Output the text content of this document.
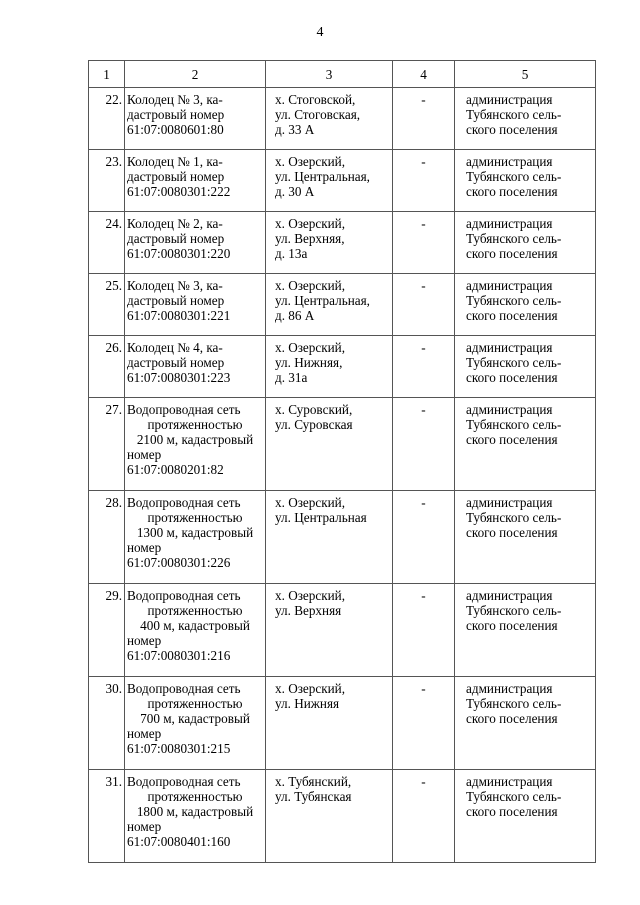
4
1	2	3	4	5
22.	Колодец № 3, ка-
дастровый номер
61:07:0080601:80	х. Стоговской,
ул. Стоговская,
д. 33 А	-	администрация
Тубянского сель-
ского поселения

23.	Колодец № 1, ка-
дастровый номер
61:07:0080301:222	х. Озерский,
ул. Центральная,
д. 30 А	-	администрация
Тубянского сель-
ского поселения

24.	Колодец № 2, ка-
дастровый номер
61:07:0080301:220	х. Озерский,
ул. Верхняя,
д. 13а	-	администрация
Тубянского сель-
ского поселения

25.	Колодец № 3, ка-
дастровый номер
61:07:0080301:221	х. Озерский,
ул. Центральная,
д. 86 А	-	администрация
Тубянского сель-
ского поселения

26.	Колодец № 4, ка-
дастровый номер
61:07:0080301:223	х. Озерский,
ул. Нижняя,
д. 31а	-	администрация
Тубянского сель-
ского поселения

27.	Водопроводная сеть
протяженностью
2100 м, кадастровый
номер
61:07:0080201:82	х. Суровский,
ул. Суровская	-	администрация
Тубянского сель-
ского поселения

28.	Водопроводная сеть
протяженностью
1300 м, кадастровый
номер
61:07:0080301:226	х. Озерский,
ул. Центральная	-	администрация
Тубянского сель-
ского поселения

29.	Водопроводная сеть
протяженностью
400 м, кадастровый
номер
61:07:0080301:216	х. Озерский,
ул. Верхняя	-	администрация
Тубянского сель-
ского поселения

30.	Водопроводная сеть
протяженностью
700 м, кадастровый
номер
61:07:0080301:215	х. Озерский,
ул. Нижняя	-	администрация
Тубянского сель-
ского поселения

31.	Водопроводная сеть
протяженностью
1800 м, кадастровый
номер
61:07:0080401:160	х. Тубянский,
ул. Тубянская	-	администрация
Тубянского сель-
ского поселения
